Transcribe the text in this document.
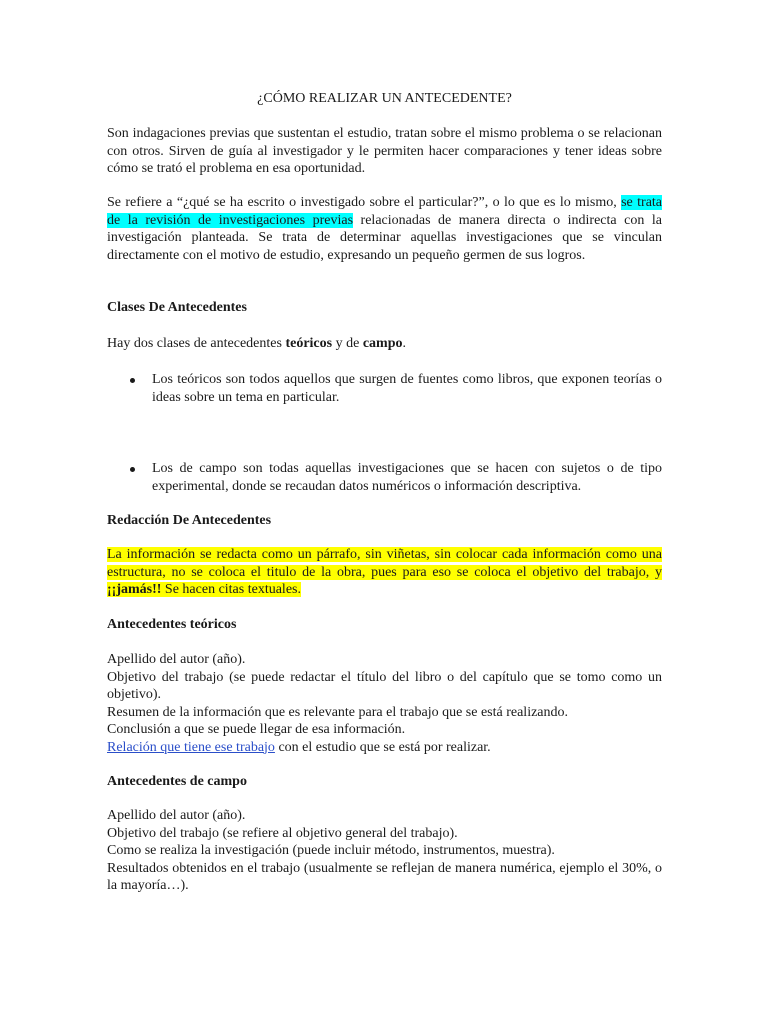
¿CÓMO REALIZAR UN ANTECEDENTE?

Son indagaciones previas que sustentan el estudio, tratan sobre el mismo problema o se relacionan con otros. Sirven de guía al investigador y le permiten hacer comparaciones y tener ideas sobre cómo se trató el problema en esa oportunidad.

Se refiere a “¿qué se ha escrito o investigado sobre el particular?”, o lo que es lo mismo, se trata de la revisión de investigaciones previas relacionadas de manera directa o indirecta con la investigación planteada. Se trata de determinar aquellas investigaciones que se vinculan directamente con el motivo de estudio, expresando un pequeño germen de sus logros.

Clases De Antecedentes

Hay dos clases de antecedentes teóricos y de campo.

Los teóricos son todos aquellos que surgen de fuentes como libros, que exponen teorías o ideas sobre un tema en particular.
Los de campo son todas aquellas investigaciones que se hacen con sujetos o de tipo experimental, donde se recaudan datos numéricos o información descriptiva.

Redacción De Antecedentes

La información se redacta como un párrafo, sin viñetas, sin colocar cada información como una estructura, no se coloca el titulo de la obra, pues para eso se coloca el objetivo del trabajo, y ¡¡jamás!! Se hacen citas textuales.

Antecedentes teóricos

Apellido del autor (año).
Objetivo del trabajo (se puede redactar el título del libro o del capítulo que se tomo como un objetivo).
Resumen de la información que es relevante para el trabajo que se está realizando.
Conclusión a que se puede llegar de esa información.
Relación que tiene ese trabajo con el estudio que se está por realizar.

Antecedentes de campo

Apellido del autor (año).
Objetivo del trabajo (se refiere al objetivo general del trabajo).
Como se realiza la investigación (puede incluir método, instrumentos, muestra).
Resultados obtenidos en el trabajo (usualmente se reflejan de manera numérica, ejemplo el 30%, o la mayoría…).
